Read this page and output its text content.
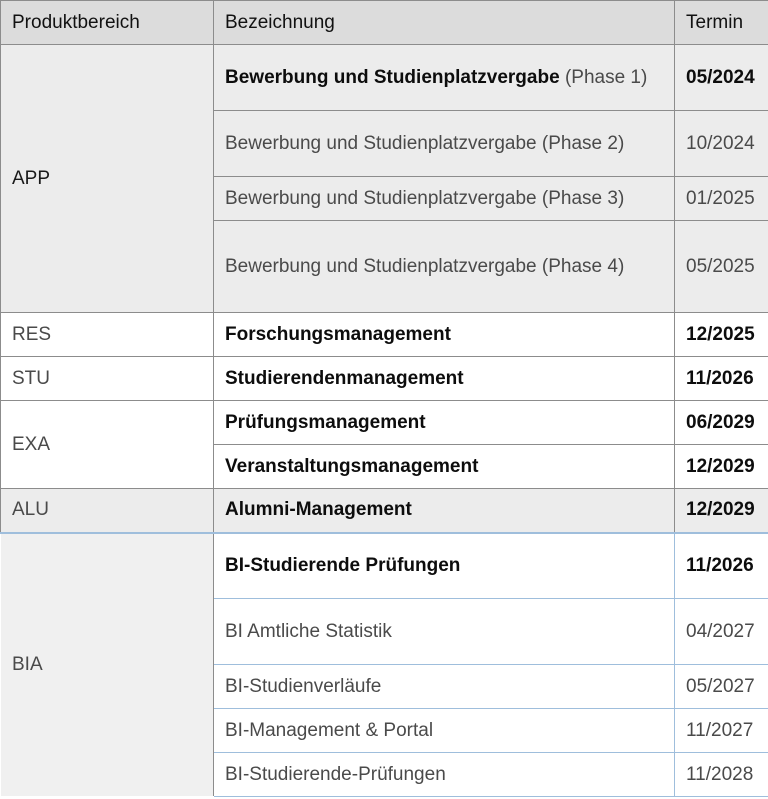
Produktbereich	Bezeichnung	Termin
APP	Bewerbung und Studienplatzvergabe (Phase 1)	05/2024
	Bewerbung und Studienplatzvergabe (Phase 2)	10/2024
	Bewerbung und Studienplatzvergabe (Phase 3)	01/2025
	Bewerbung und Studienplatzvergabe (Phase 4)	05/2025
RES	Forschungsmanagement	12/2025
STU	Studierendenmanagement	11/2026
EXA	Prüfungsmanagement	06/2029
	Veranstaltungsmanagement	12/2029
ALU	Alumni-Management	12/2029
BIA	BI-Studierende Prüfungen	11/2026
	BI Amtliche Statistik	04/2027
	BI-Studienverläufe	05/2027
	BI-Management & Portal	11/2027
	BI-Studierende-Prüfungen	11/2028
